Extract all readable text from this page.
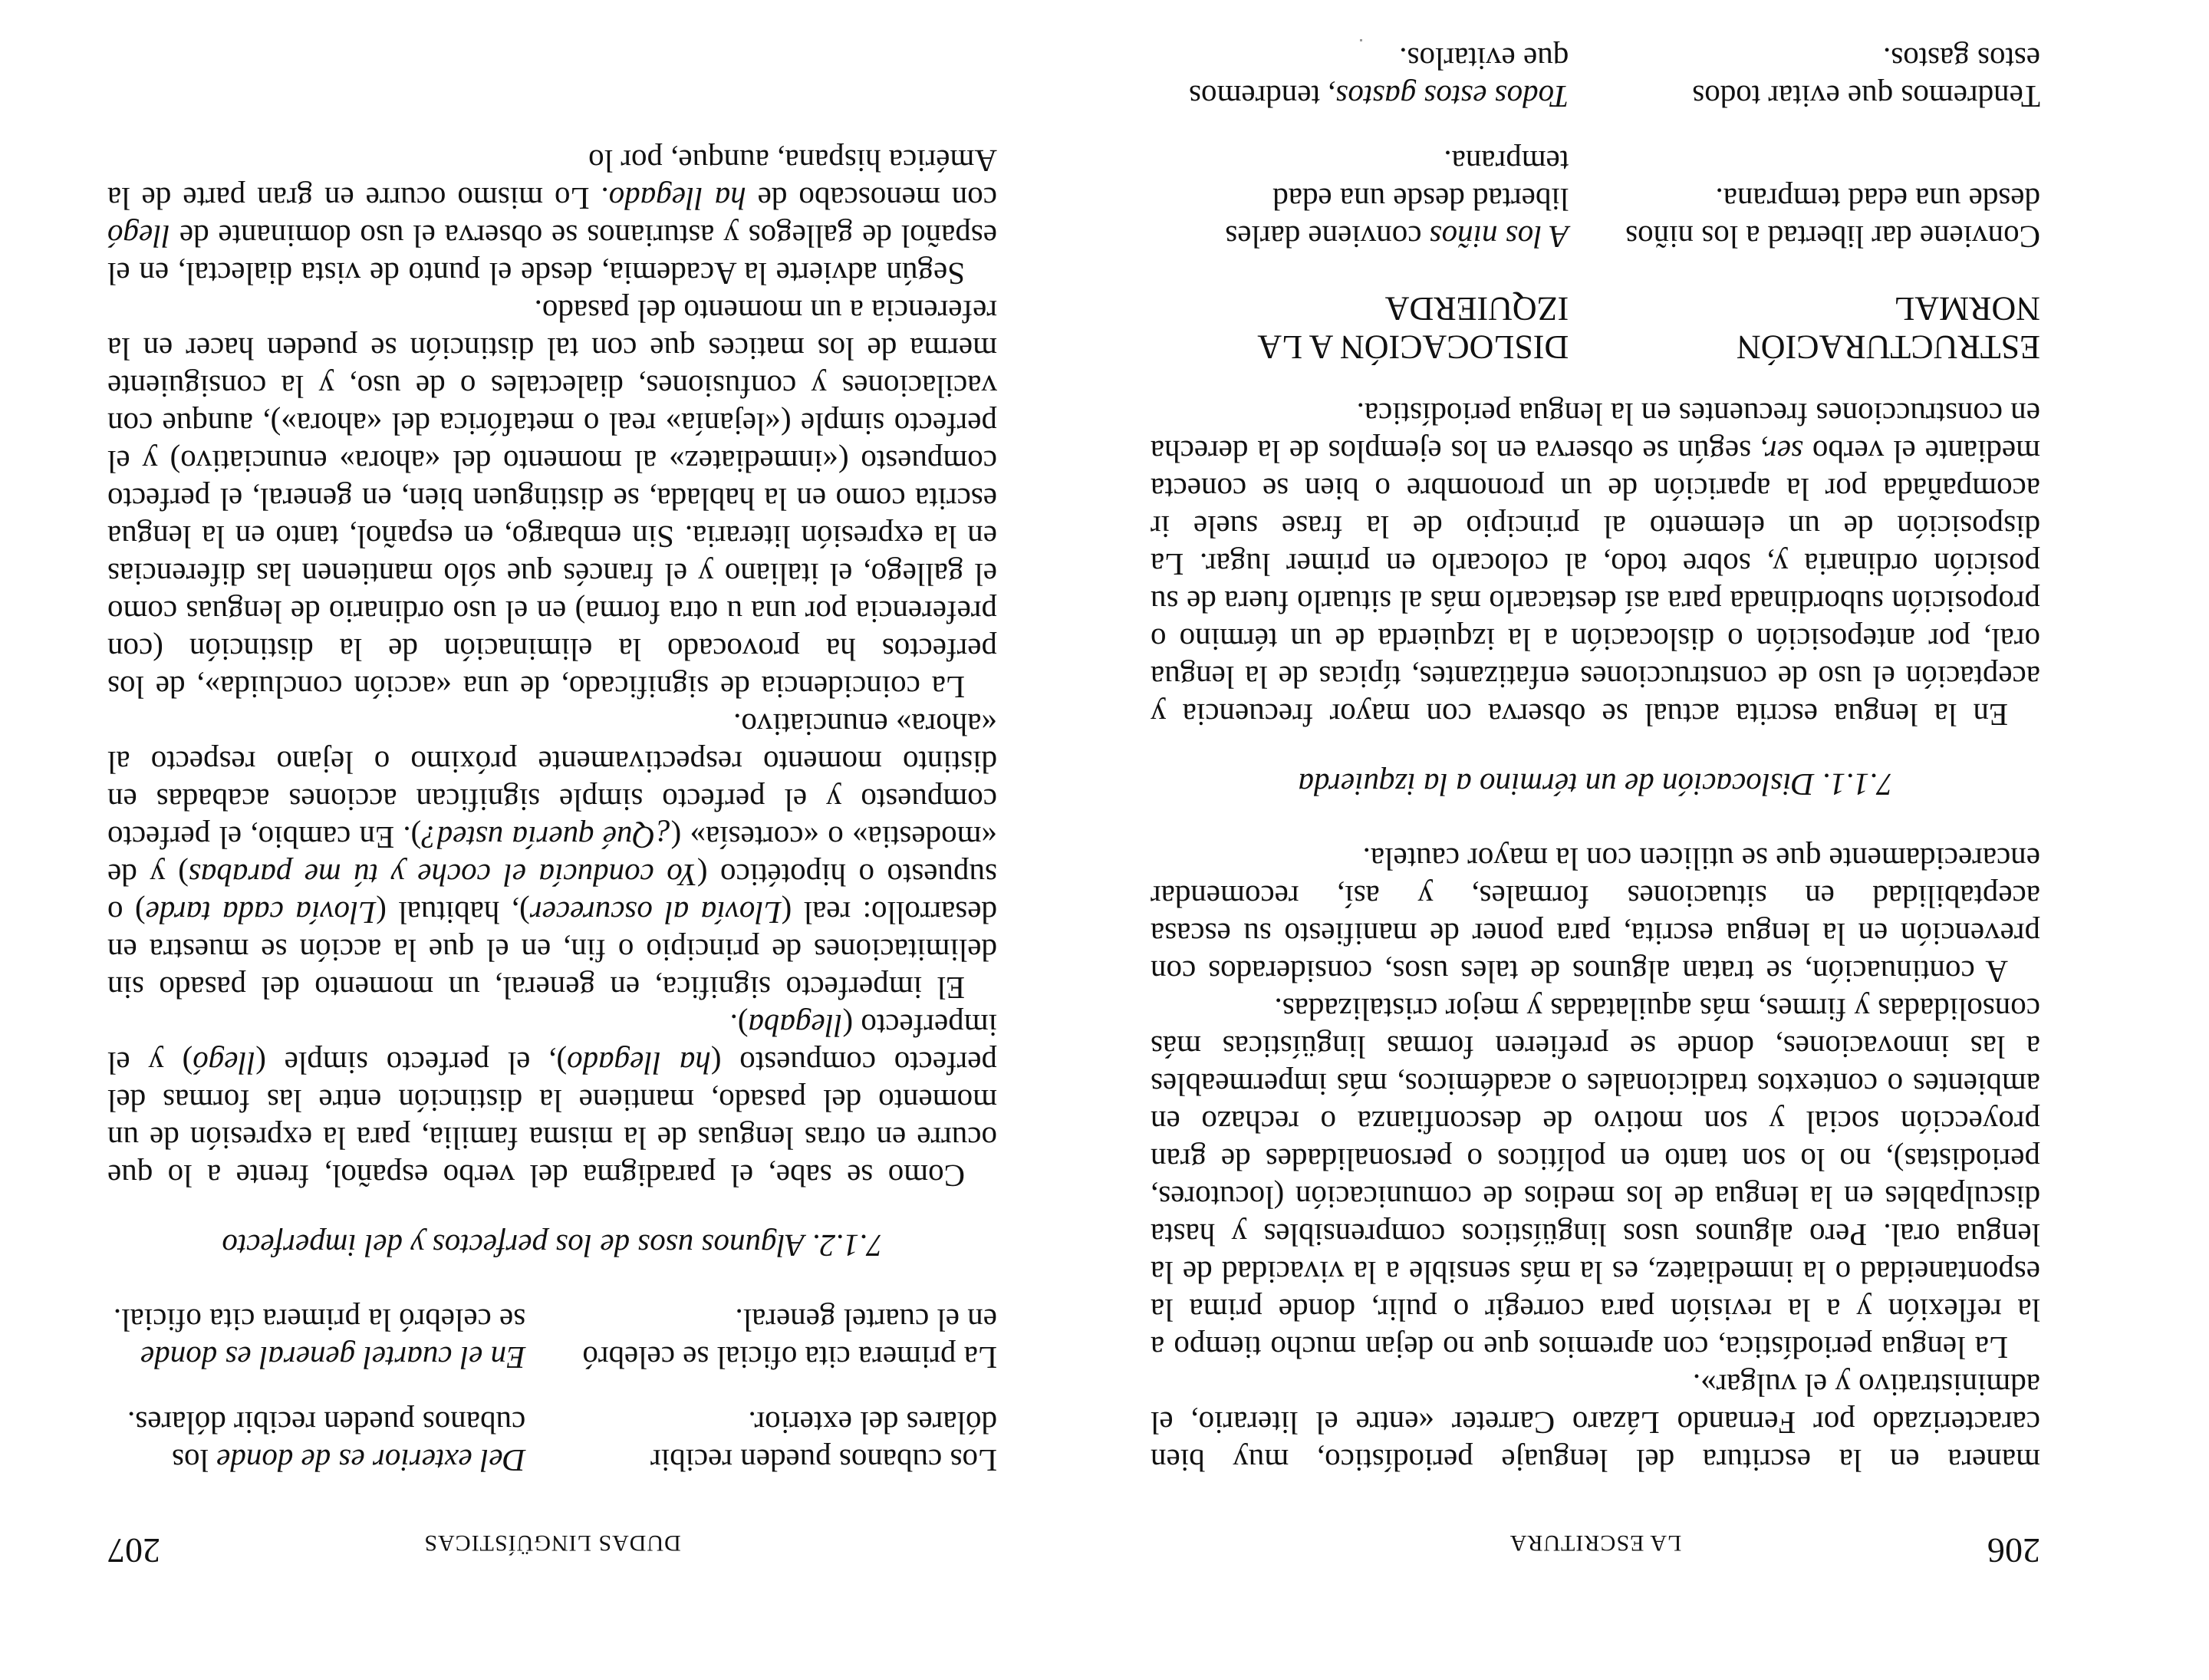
206
LA ESCRITURA

manera en la escritura del lenguaje periodístico, muy bien caracterizado por Fernando Lázaro Carreter «entre el literario, el administrativo y el vulgar».

La lengua periodística, con apremios que no dejan mucho tiempo a la reflexión y a la revisión para corregir o pulir, donde prima la espontaneidad o la inmediatez, es la más sensible a la vivacidad de la lengua oral. Pero algunos usos lingüísticos comprensibles y hasta disculpables en la lengua de los medios de comunicación (locutores, periodistas), no lo son tanto en políticos o personalidades de gran proyección social y son motivo de desconfianza o rechazo en ambientes o contextos tradicionales o académicos, más impermeables a las innovaciones, donde se prefieren formas lingüísticas más consolidadas y firmes, más aquilatadas y mejor cristalizadas.

A continuación, se tratan algunos de tales usos, considerados con prevención en la lengua escrita, para poner de manifiesto su escasa aceptabilidad en situaciones formales, y así, recomendar encarecidamente que se utilicen con la mayor cautela.

7.1.1. Dislocación de un término a la izquierda

En la lengua escrita actual se observa con mayor frecuencia y aceptación el uso de construcciones enfatizantes, típicas de la lengua oral, por anteposición o dislocación a la izquierda de un término o proposición subordinada para así destacarlo más al situarlo fuera de su posición ordinaria y, sobre todo, al colocarlo en primer lugar. La disposición de un elemento al principio de la frase suele ir acompañada por la aparición de un pronombre o bien se conecta mediante el verbo ser, según se observa en los ejemplos de la derecha en construcciones frecuentes en la lengua periodística.

ESTRUCTURACIÓN NORMAL
DISLOCACIÓN A LA IZQUIERDA
Conviene dar libertad a los niños desde una edad temprana.
A los niños conviene darles libertad desde una edad temprana.
Tendremos que evitar todos estos gastos.
Todos estos gastos, tendremos que evitarlos.
DUDAS LINGÜÍSTICAS
207
Los cubanos pueden recibir dólares del exterior.
Del exterior es de donde los cubanos pueden recibir dólares.
La primera cita oficial se celebró en el cuartel general.
En el cuartel general es donde se celebró la primera cita oficial.
7.1.2. Algunos usos de los perfectos y del imperfecto

Como se sabe, el paradigma del verbo español, frente a lo que ocurre en otras lenguas de la misma familia, para la expresión de un momento del pasado, mantiene la distinción entre las formas del perfecto compuesto (ha llegado), el perfecto simple (llegó) y el imperfecto (llegaba).

El imperfecto significa, en general, un momento del pasado sin delimitaciones de principio o fin, en el que la acción se muestra en desarrollo: real (Llovía al oscurecer), habitual (Llovía cada tarde) o supuesto o hipotético (Yo conducía el coche y tú me parabas) y de «modestia» o «cortesía» (¿Qué quería usted?). En cambio, el perfecto compuesto y el perfecto simple significan acciones acabadas en distinto momento respectivamente próximo o lejano respecto al «ahora» enunciativo.

La coincidencia de significado, de una «acción concluida», de los perfectos ha provocado la eliminación de la distinción (con preferencia por una u otra forma) en el uso ordinario de lenguas como el gallego, el italiano y el francés que sólo mantienen las diferencias en la expresión literaria. Sin embargo, en español, tanto en la lengua escrita como en la hablada, se distinguen bien, en general, el perfecto compuesto («inmediatez» al momento del «ahora» enunciativo) y el perfecto simple («lejanía» real o metafórica del «ahora»), aunque con vacilaciones y confusiones, dialectales o de uso, y la consiguiente merma de los matices que con tal distinción se pueden hacer en la referencia a un momento del pasado.

Según advierte la Academia, desde el punto de vista dialectal, en el español de gallegos y asturianos se observa el uso dominante de llegó con menoscabo de ha llegado. Lo mismo ocurre en gran parte de la América hispana, aunque, por lo
